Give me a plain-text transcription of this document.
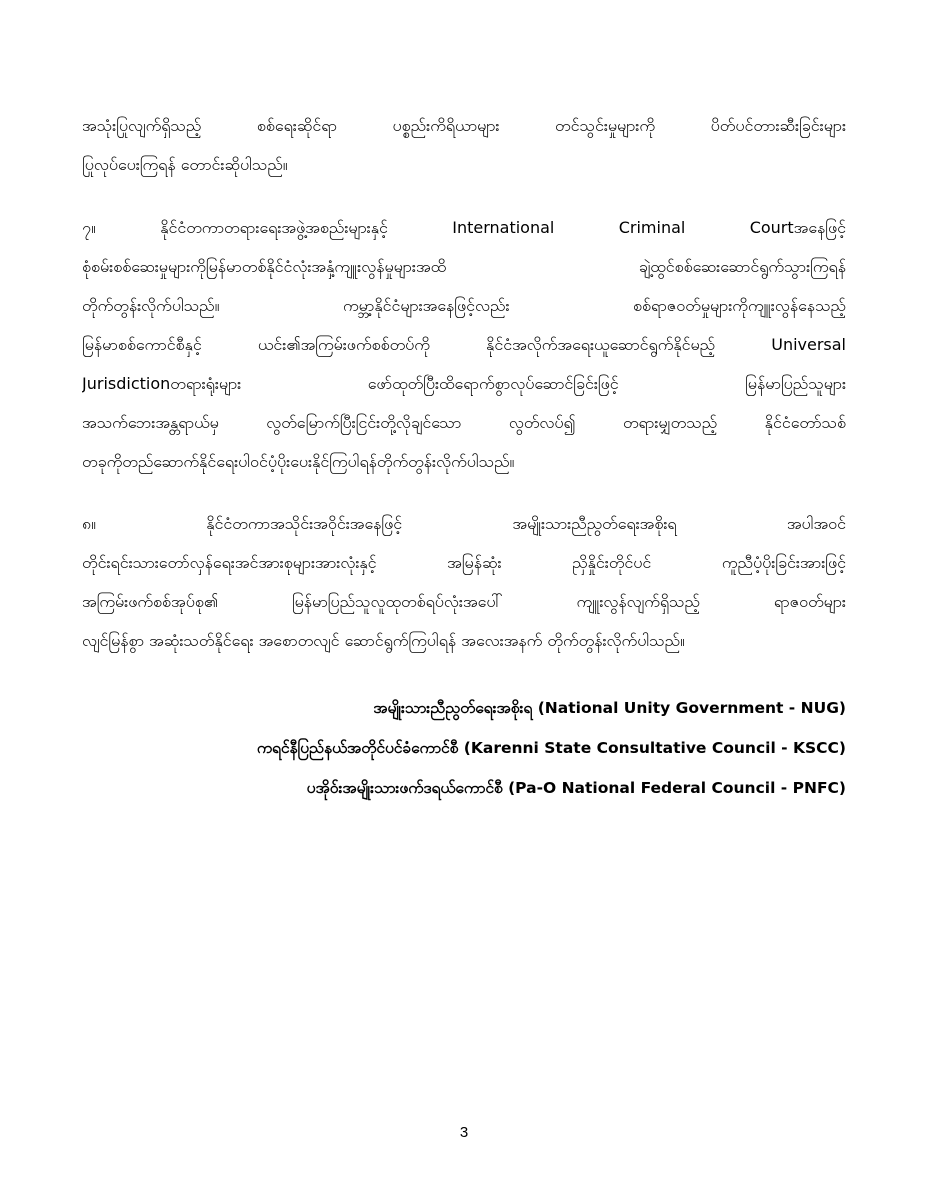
အသုံးပြုလျက်ရှိသည့် စစ်ရေးဆိုင်ရာ ပစ္စည်းကိရိယာများ တင်သွင်းမှုများကို ပိတ်ပင်တားဆီးခြင်းများ
ပြုလုပ်ပေးကြရန် တောင်းဆိုပါသည်။
၇။ နိုင်ငံတကာတရားရေးအဖွဲ့အစည်းများနှင့် International Criminal Courtအနေဖြင့်
စုံစမ်းစစ်ဆေးမှုများကိုမြန်မာတစ်နိုင်ငံလုံးအနှံ့ကျူးလွန်မှုများအထိ ချဲ့ထွင်စစ်ဆေးဆောင်ရွက်သွားကြရန်
တိုက်တွန်းလိုက်ပါသည်။ ကမ္ဘာ့နိုင်ငံများအနေဖြင့်လည်း စစ်ရာဇဝတ်မှုများကိုကျူးလွန်နေသည့်
မြန်မာစစ်ကောင်စီနှင့် ယင်း၏အကြမ်းဖက်စစ်တပ်ကို နိုင်ငံအလိုက်အရေးယူဆောင်ရွက်နိုင်မည့် Universal
Jurisdictionတရားရုံးများ ဖော်ထုတ်ပြီးထိရောက်စွာလုပ်ဆောင်ခြင်းဖြင့် မြန်မာပြည်သူများ
အသက်ဘေးအန္တရာယ်မှ လွတ်မြောက်ပြီးငြင်းတို့လိုချင်သော လွတ်လပ်၍ တရားမျှတသည့် နိုင်ငံတော်သစ်
တခုကိုတည်ဆောက်နိုင်ရေးပါဝင်ပံ့ပိုးပေးနိုင်ကြပါရန်တိုက်တွန်းလိုက်ပါသည်။
၈။ နိုင်ငံတကာအသိုင်းအဝိုင်းအနေဖြင့် အမျိုးသားညီညွတ်ရေးအစိုးရ အပါအဝင်
တိုင်းရင်းသားတော်လှန်ရေးအင်အားစုများအားလုံးနှင့် အမြန်ဆုံး ညှိနှိုင်းတိုင်ပင် ကူညီပံ့ပိုးခြင်းအားဖြင့်
အကြမ်းဖက်စစ်အုပ်စု၏ မြန်မာပြည်သူလူထုတစ်ရပ်လုံးအပေါ် ကျူးလွန်လျက်ရှိသည့် ရာဇဝတ်များ
လျင်မြန်စွာ အဆုံးသတ်နိုင်ရေး အစောတလျင် ဆောင်ရွက်ကြပါရန် အလေးအနက် တိုက်တွန်းလိုက်ပါသည်။
အမျိုးသားညီညွတ်ရေးအစိုးရ (National Unity Government - NUG)
ကရင်နီပြည်နယ်အတိုင်ပင်ခံကောင်စီ (Karenni State Consultative Council - KSCC)
ပအိုဝ်းအမျိုးသားဖက်ဒရယ်ကောင်စီ (Pa-O National Federal Council - PNFC)
3
